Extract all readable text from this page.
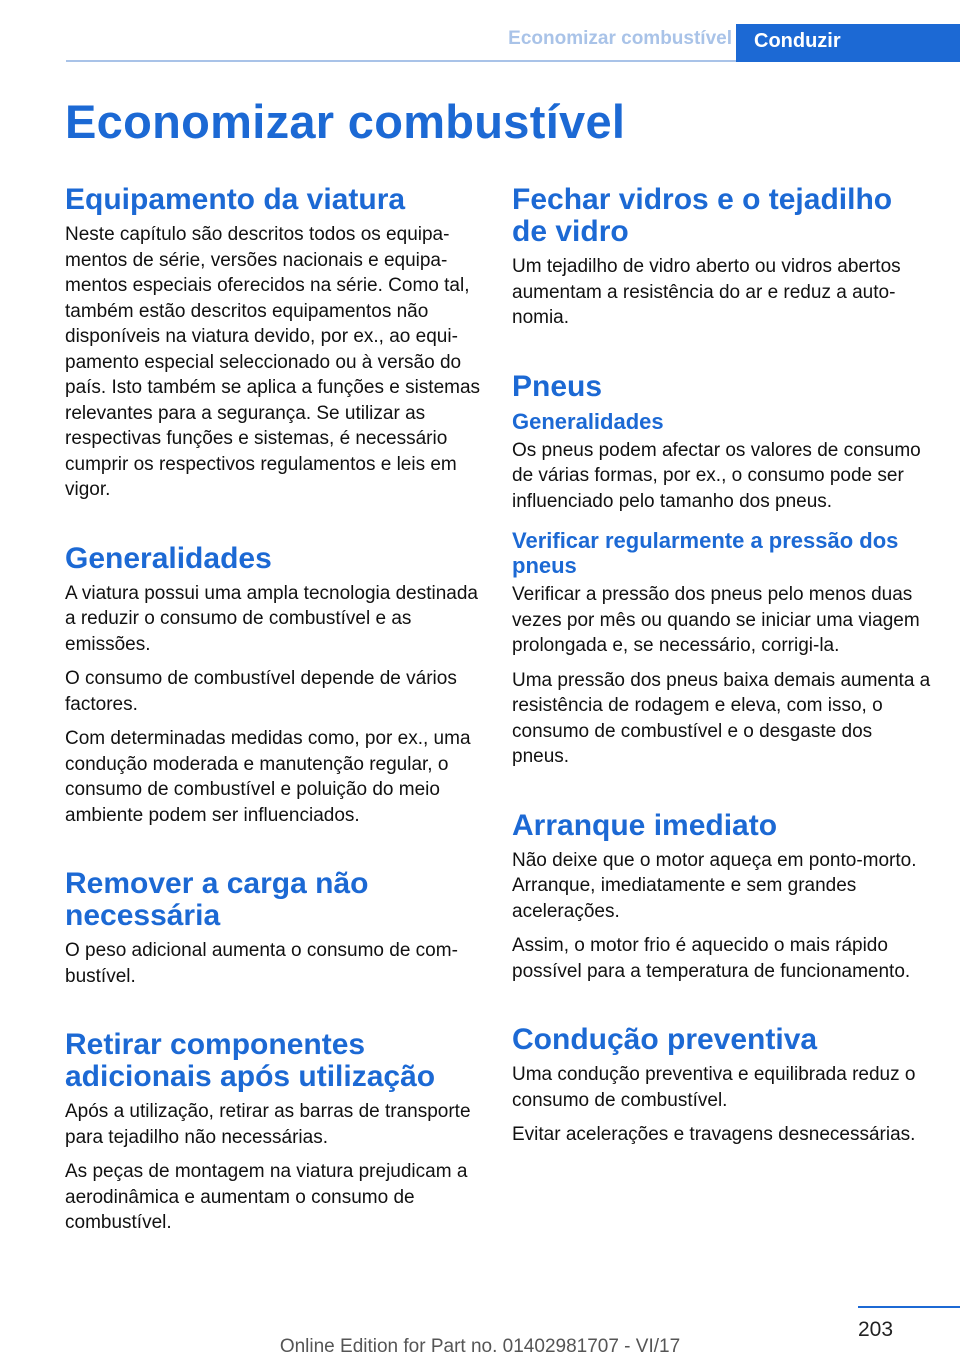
Economizar combustível	Conduzir
Economizar combustível
Equipamento da viatura

Neste capítulo são descritos todos os equipamentos de série, versões nacionais e equipamentos especiais oferecidos na série. Como tal, também estão descritos equipamentos não disponíveis na viatura devido, por ex., ao equipamento especial seleccionado ou à versão do país. Isto também se aplica a funções e sistemas relevantes para a segurança. Se utilizar as respectivas funções e sistemas, é necessário cumprir os respectivos regulamentos e leis em vigor.

Generalidades

A viatura possui uma ampla tecnologia destinada a reduzir o consumo de combustível e as emissões.

O consumo de combustível depende de vários factores.

Com determinadas medidas como, por ex., uma condução moderada e manutenção regular, o consumo de combustível e poluição do meio ambiente podem ser influenciados.

Remover a carga não necessária

O peso adicional aumenta o consumo de combustível.

Retirar componentes adicionais após utilização

Após a utilização, retirar as barras de transporte para tejadilho não necessárias.

As peças de montagem na viatura prejudicam a aerodinâmica e aumentam o consumo de combustível.

Fechar vidros e o tejadilho de vidro

Um tejadilho de vidro aberto ou vidros abertos aumentam a resistência do ar e reduz a autonomia.

Pneus
Generalidades

Os pneus podem afectar os valores de consumo de várias formas, por ex., o consumo pode ser influenciado pelo tamanho dos pneus.

Verificar regularmente a pressão dos pneus

Verificar a pressão dos pneus pelo menos duas vezes por mês ou quando se iniciar uma viagem prolongada e, se necessário, corrigi-la.

Uma pressão dos pneus baixa demais aumenta a resistência de rodagem e eleva, com isso, o consumo de combustível e o desgaste dos pneus.

Arranque imediato

Não deixe que o motor aqueça em ponto-morto. Arranque, imediatamente e sem grandes acelerações.

Assim, o motor frio é aquecido o mais rápido possível para a temperatura de funcionamento.

Condução preventiva

Uma condução preventiva e equilibrada reduz o consumo de combustível.

Evitar acelerações e travagens desnecessárias.

203
Online Edition for Part no. 01402981707 - VI/17
